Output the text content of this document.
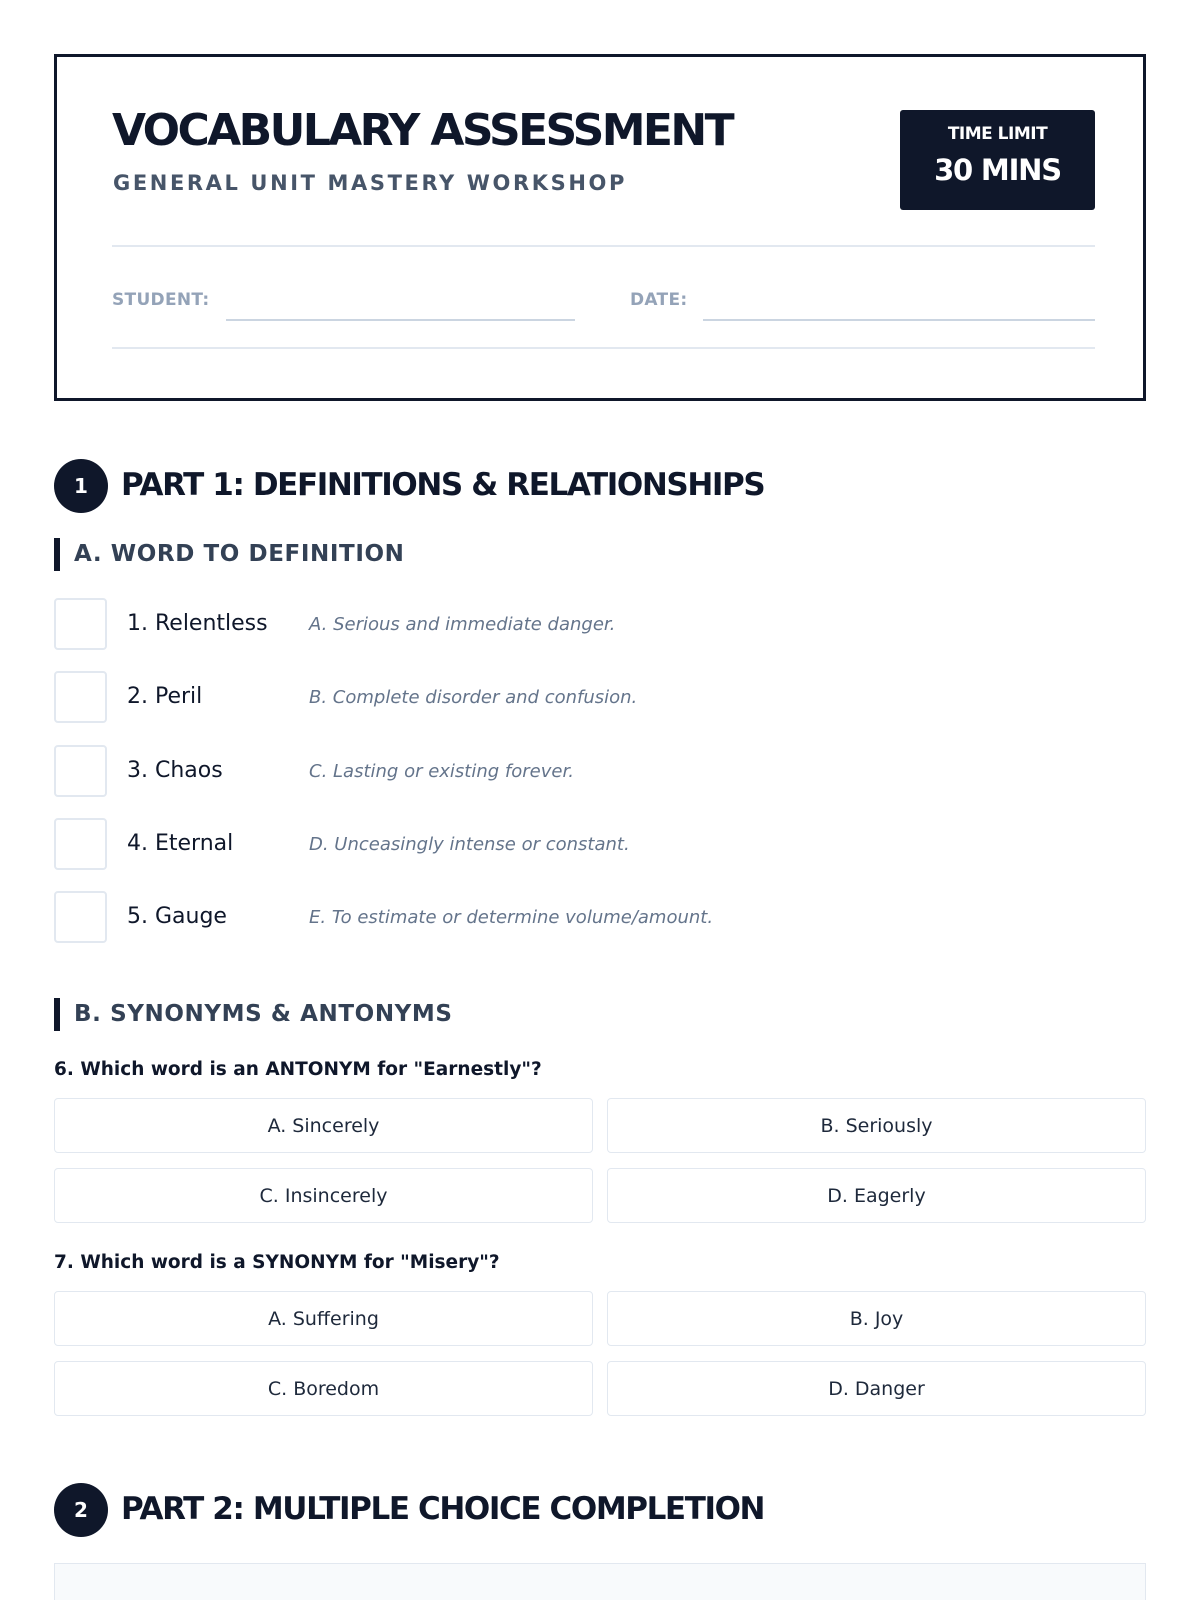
VOCABULARY ASSESSMENT
GENERAL UNIT MASTERY WORKSHOP
TIME LIMIT
30 MINS
STUDENT:	DATE:
1	PART 1: DEFINITIONS & RELATIONSHIPS
A. WORD TO DEFINITION
1. Relentless A. Serious and immediate danger.
2. Peril	B. Complete disorder and confusion.
3. Chaos	C. Lasting or existing forever.
4. Eternal	D. Unceasingly intense or constant.
5. Gauge	E. To estimate or determine volume/amount.
B. SYNONYMS & ANTONYMS
6. Which word is an ANTONYM for "Earnestly"?
A. Sincerely	B. Seriously
C. Insincerely	D. Eagerly
7. Which word is a SYNONYM for "Misery"?
A. Suffering	B. Joy
C. Boredom	D. Danger
2	PART 2: MULTIPLE CHOICE COMPLETION
